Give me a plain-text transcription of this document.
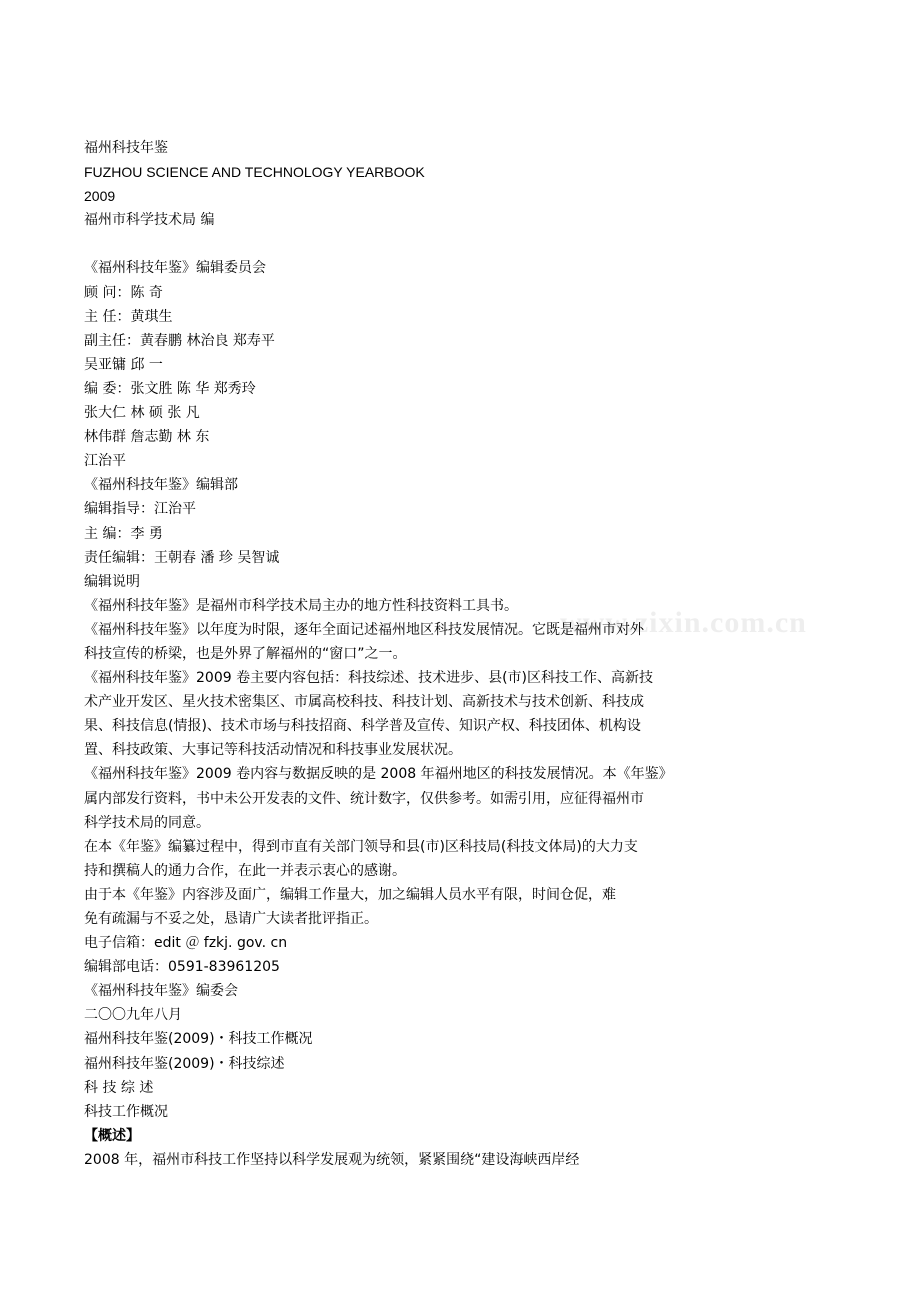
www.zixin.com.cn
福州科技年鉴
FUZHOU SCIENCE AND TECHNOLOGY YEARBOOK
2009
福州市科学技术局 编
《福州科技年鉴》编辑委员会
顾 问：陈 奇
主 任：黄琪生
副主任：黄春鹏 林治良 郑寿平
吴亚镛 邱 一
编 委：张文胜 陈 华 郑秀玲
张大仁 林 硕 张 凡
林伟群 詹志勤 林 东
江治平
《福州科技年鉴》编辑部
编辑指导：江治平
主 编：李 勇
责任编辑：王朝春 潘 珍 吴智诚
编辑说明
《福州科技年鉴》是福州市科学技术局主办的地方性科技资料工具书。
《福州科技年鉴》以年度为时限，逐年全面记述福州地区科技发展情况。它既是福州市对外
科技宣传的桥梁，也是外界了解福州的“窗口”之一。
《福州科技年鉴》2009 卷主要内容包括：科技综述、技术进步、县(市)区科技工作、高新技
术产业开发区、星火技术密集区、市属高校科技、科技计划、高新技术与技术创新、科技成
果、科技信息(情报)、技术市场与科技招商、科学普及宣传、知识产权、科技团体、机构设
置、科技政策、大事记等科技活动情况和科技事业发展状况。
《福州科技年鉴》2009 卷内容与数据反映的是 2008 年福州地区的科技发展情况。本《年鉴》
属内部发行资料，书中未公开发表的文件、统计数字，仅供参考。如需引用，应征得福州市
科学技术局的同意。
在本《年鉴》编纂过程中，得到市直有关部门领导和县(市)区科技局(科技文体局)的大力支
持和撰稿人的通力合作，在此一并表示衷心的感谢。
由于本《年鉴》内容涉及面广，编辑工作量大，加之编辑人员水平有限，时间仓促，难
免有疏漏与不妥之处，恳请广大读者批评指正。
电子信箱：edit ＠ fzkj. gov. cn
编辑部电话：0591-83961205
《福州科技年鉴》编委会
二〇〇九年八月
福州科技年鉴(2009)・科技工作概况
福州科技年鉴(2009)・科技综述
科 技 综 述
科技工作概况
【概述】
2008 年，福州市科技工作坚持以科学发展观为统领，紧紧围绕“建设海峡西岸经
